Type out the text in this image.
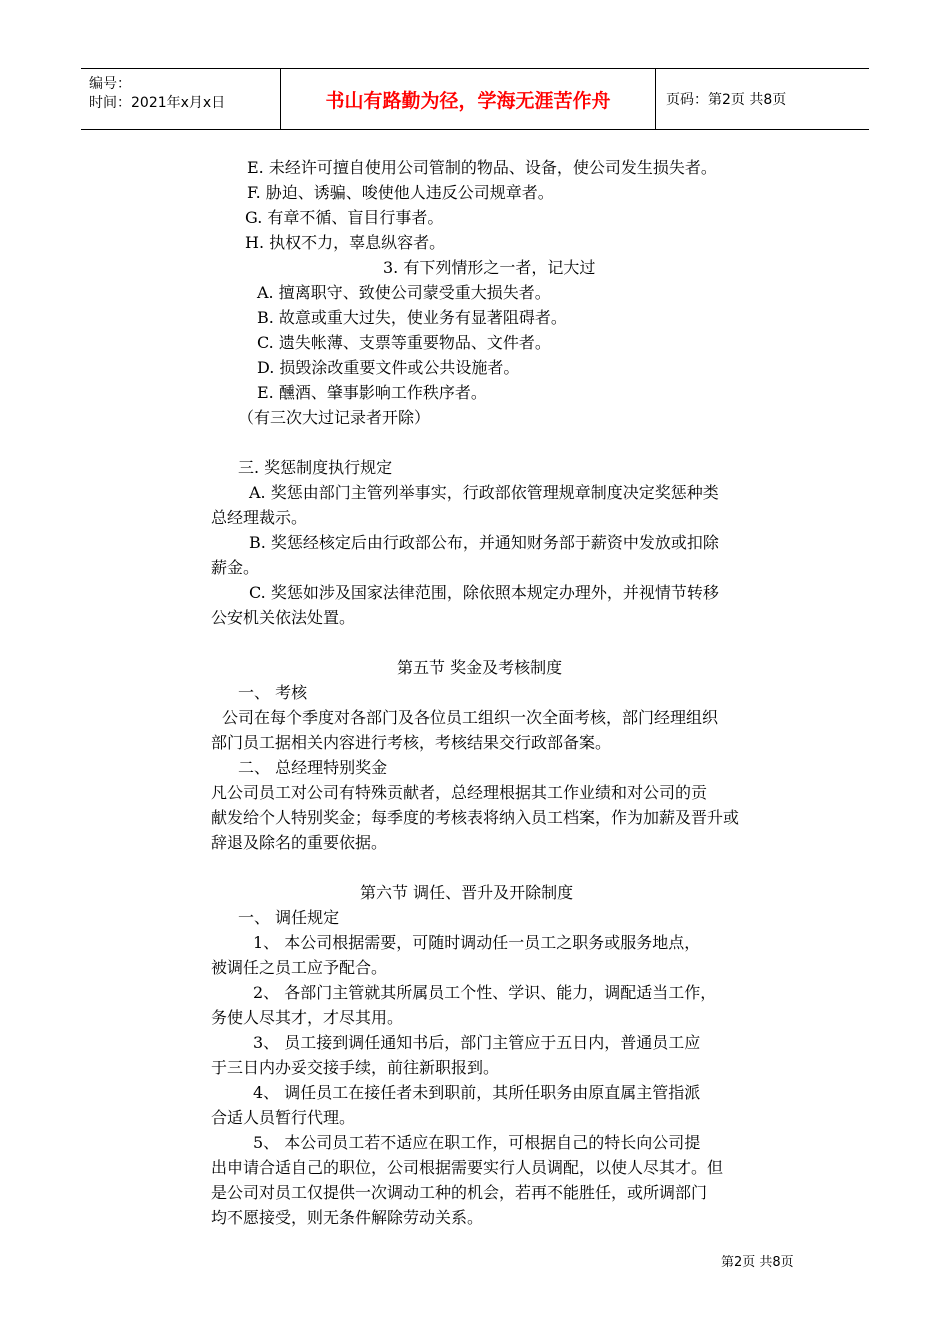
编号：
时间：2021年x月x日	书山有路勤为径，学海无涯苦作舟	页码：第2页 共8页
E. 未经许可擅自使用公司管制的物品、设备，使公司发生损失者。
F. 胁迫、诱骗、唆使他人违反公司规章者。
G. 有章不循、盲目行事者。
H. 执权不力，辜息纵容者。
3. 有下列情形之一者，记大过
A. 擅离职守、致使公司蒙受重大损失者。
B. 故意或重大过失，使业务有显著阻碍者。
C. 遗失帐薄、支票等重要物品、文件者。
D. 损毁涂改重要文件或公共设施者。
E. 醺酒、肇事影响工作秩序者。
（有三次大过记录者开除）
三. 奖惩制度执行规定
A. 奖惩由部门主管列举事实，行政部依管理规章制度决定奖惩种类
总经理裁示。
B. 奖惩经核定后由行政部公布，并通知财务部于薪资中发放或扣除
薪金。
C. 奖惩如涉及国家法律范围，除依照本规定办理外，并视情节转移
公安机关依法处置。
第五节 奖金及考核制度
一、 考核
公司在每个季度对各部门及各位员工组织一次全面考核，部门经理组织
部门员工据相关内容进行考核，考核结果交行政部备案。
二、 总经理特别奖金
凡公司员工对公司有特殊贡献者，总经理根据其工作业绩和对公司的贡
献发给个人特别奖金；每季度的考核表将纳入员工档案，作为加薪及晋升或
辞退及除名的重要依据。
第六节 调任、晋升及开除制度
一、 调任规定
1、 本公司根据需要，可随时调动任一员工之职务或服务地点，
被调任之员工应予配合。
2、 各部门主管就其所属员工个性、学识、能力，调配适当工作，
务使人尽其才，才尽其用。
3、 员工接到调任通知书后，部门主管应于五日内，普通员工应
于三日内办妥交接手续，前往新职报到。
4、 调任员工在接任者未到职前，其所任职务由原直属主管指派
合适人员暂行代理。
5、 本公司员工若不适应在职工作，可根据自己的特长向公司提
出申请合适自己的职位，公司根据需要实行人员调配，以使人尽其才。但
是公司对员工仅提供一次调动工种的机会，若再不能胜任，或所调部门
均不愿接受，则无条件解除劳动关系。
第2页 共8页
